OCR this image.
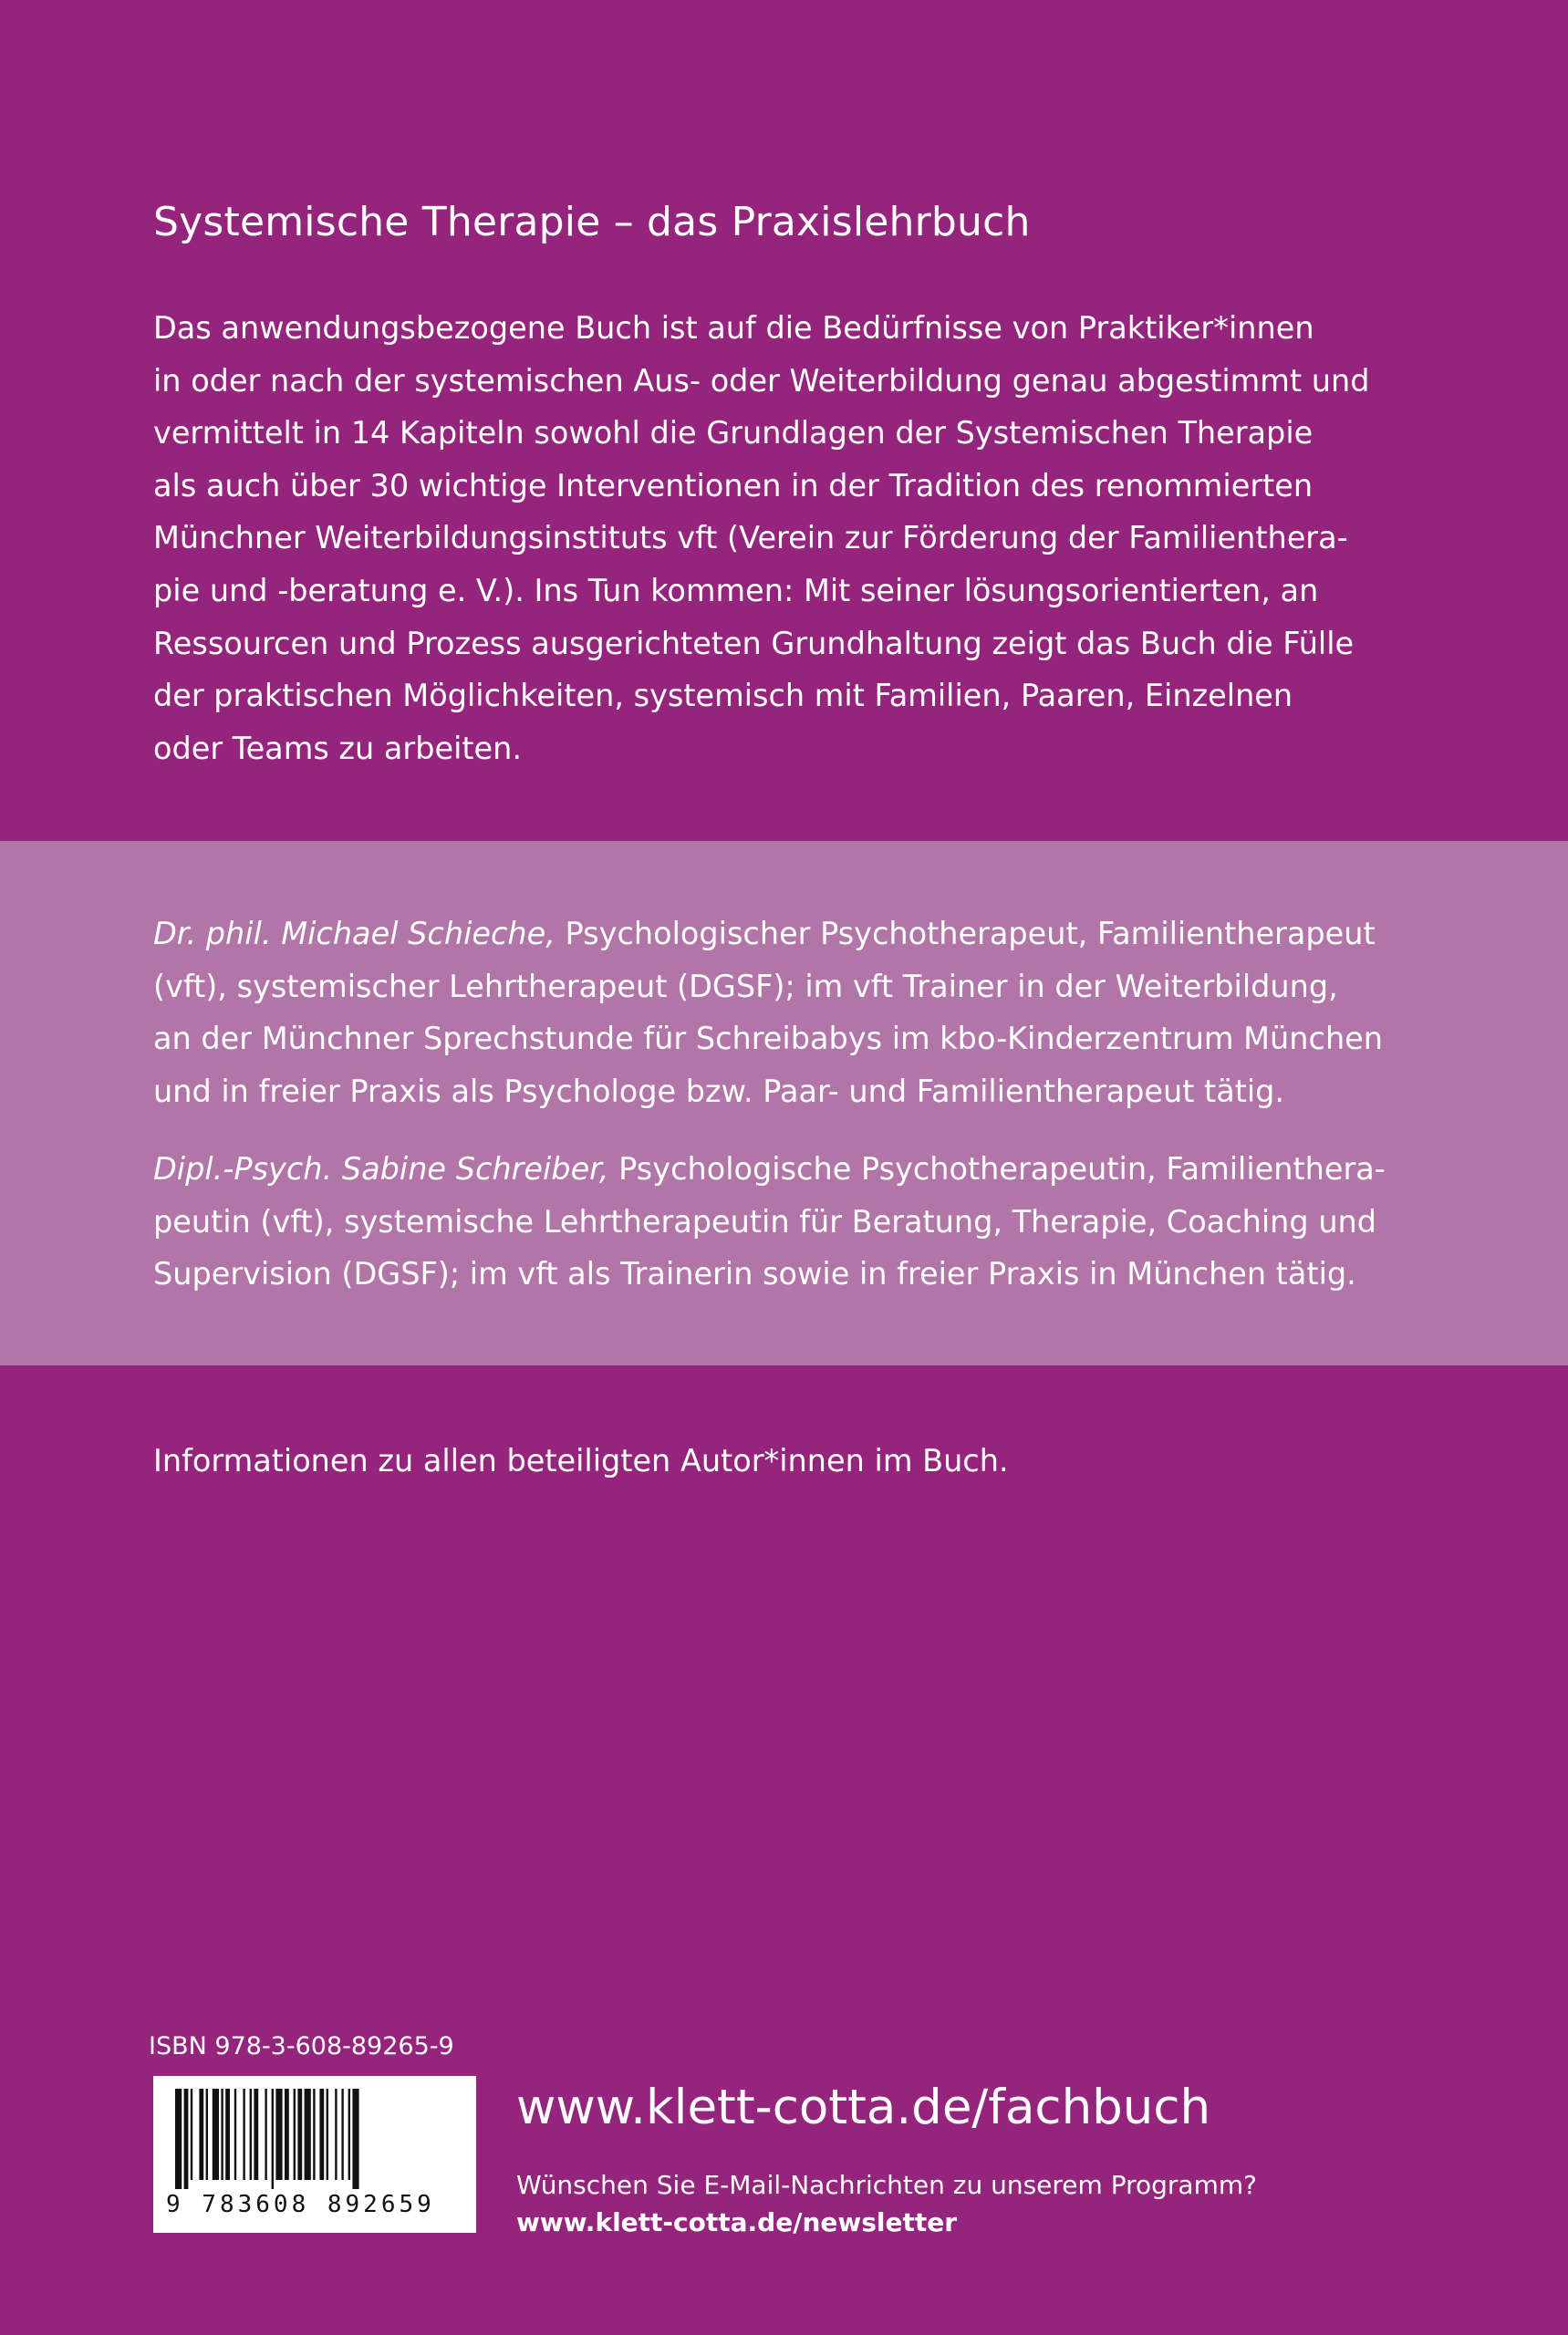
Systemische Therapie – das Praxislehrbuch

Das anwendungsbezogene Buch ist auf die Bedürfnisse von Praktiker*innen
in oder nach der systemischen Aus- oder Weiterbildung genau abgestimmt und
vermittelt in 14 Kapiteln sowohl die Grundlagen der Systemischen Therapie
als auch über 30 wichtige Interventionen in der Tradition des renommierten
Münchner Weiterbildungsinstituts vft (Verein zur Förderung der Familienthera-
pie und -beratung e. V.). Ins Tun kommen: Mit seiner lösungsorientierten, an
Ressourcen und Prozess ausgerichteten Grundhaltung zeigt das Buch die Fülle
der praktischen Möglichkeiten, systemisch mit Familien, Paaren, Einzelnen
oder Teams zu arbeiten.

Dr. phil. Michael Schieche, Psychologischer Psychotherapeut, Familientherapeut
(vft), systemischer Lehrtherapeut (DGSF); im vft Trainer in der Weiterbildung,
an der Münchner Sprechstunde für Schreibabys im kbo-Kinderzentrum München
und in freier Praxis als Psychologe bzw. Paar- und Familientherapeut tätig.

Dipl.-Psych. Sabine Schreiber, Psychologische Psychotherapeutin, Familienthera-
peutin (vft), systemische Lehrtherapeutin für Beratung, Therapie, Coaching und
Supervision (DGSF); im vft als Trainerin sowie in freier Praxis in München tätig.

Informationen zu allen beteiligten Autor*innen im Buch.

ISBN 978-3-608-89265-9
9 783608 892659
www.klett-cotta.de/fachbuch
Wünschen Sie E-Mail-Nachrichten zu unserem Programm?
www.klett-cotta.de/newsletter
